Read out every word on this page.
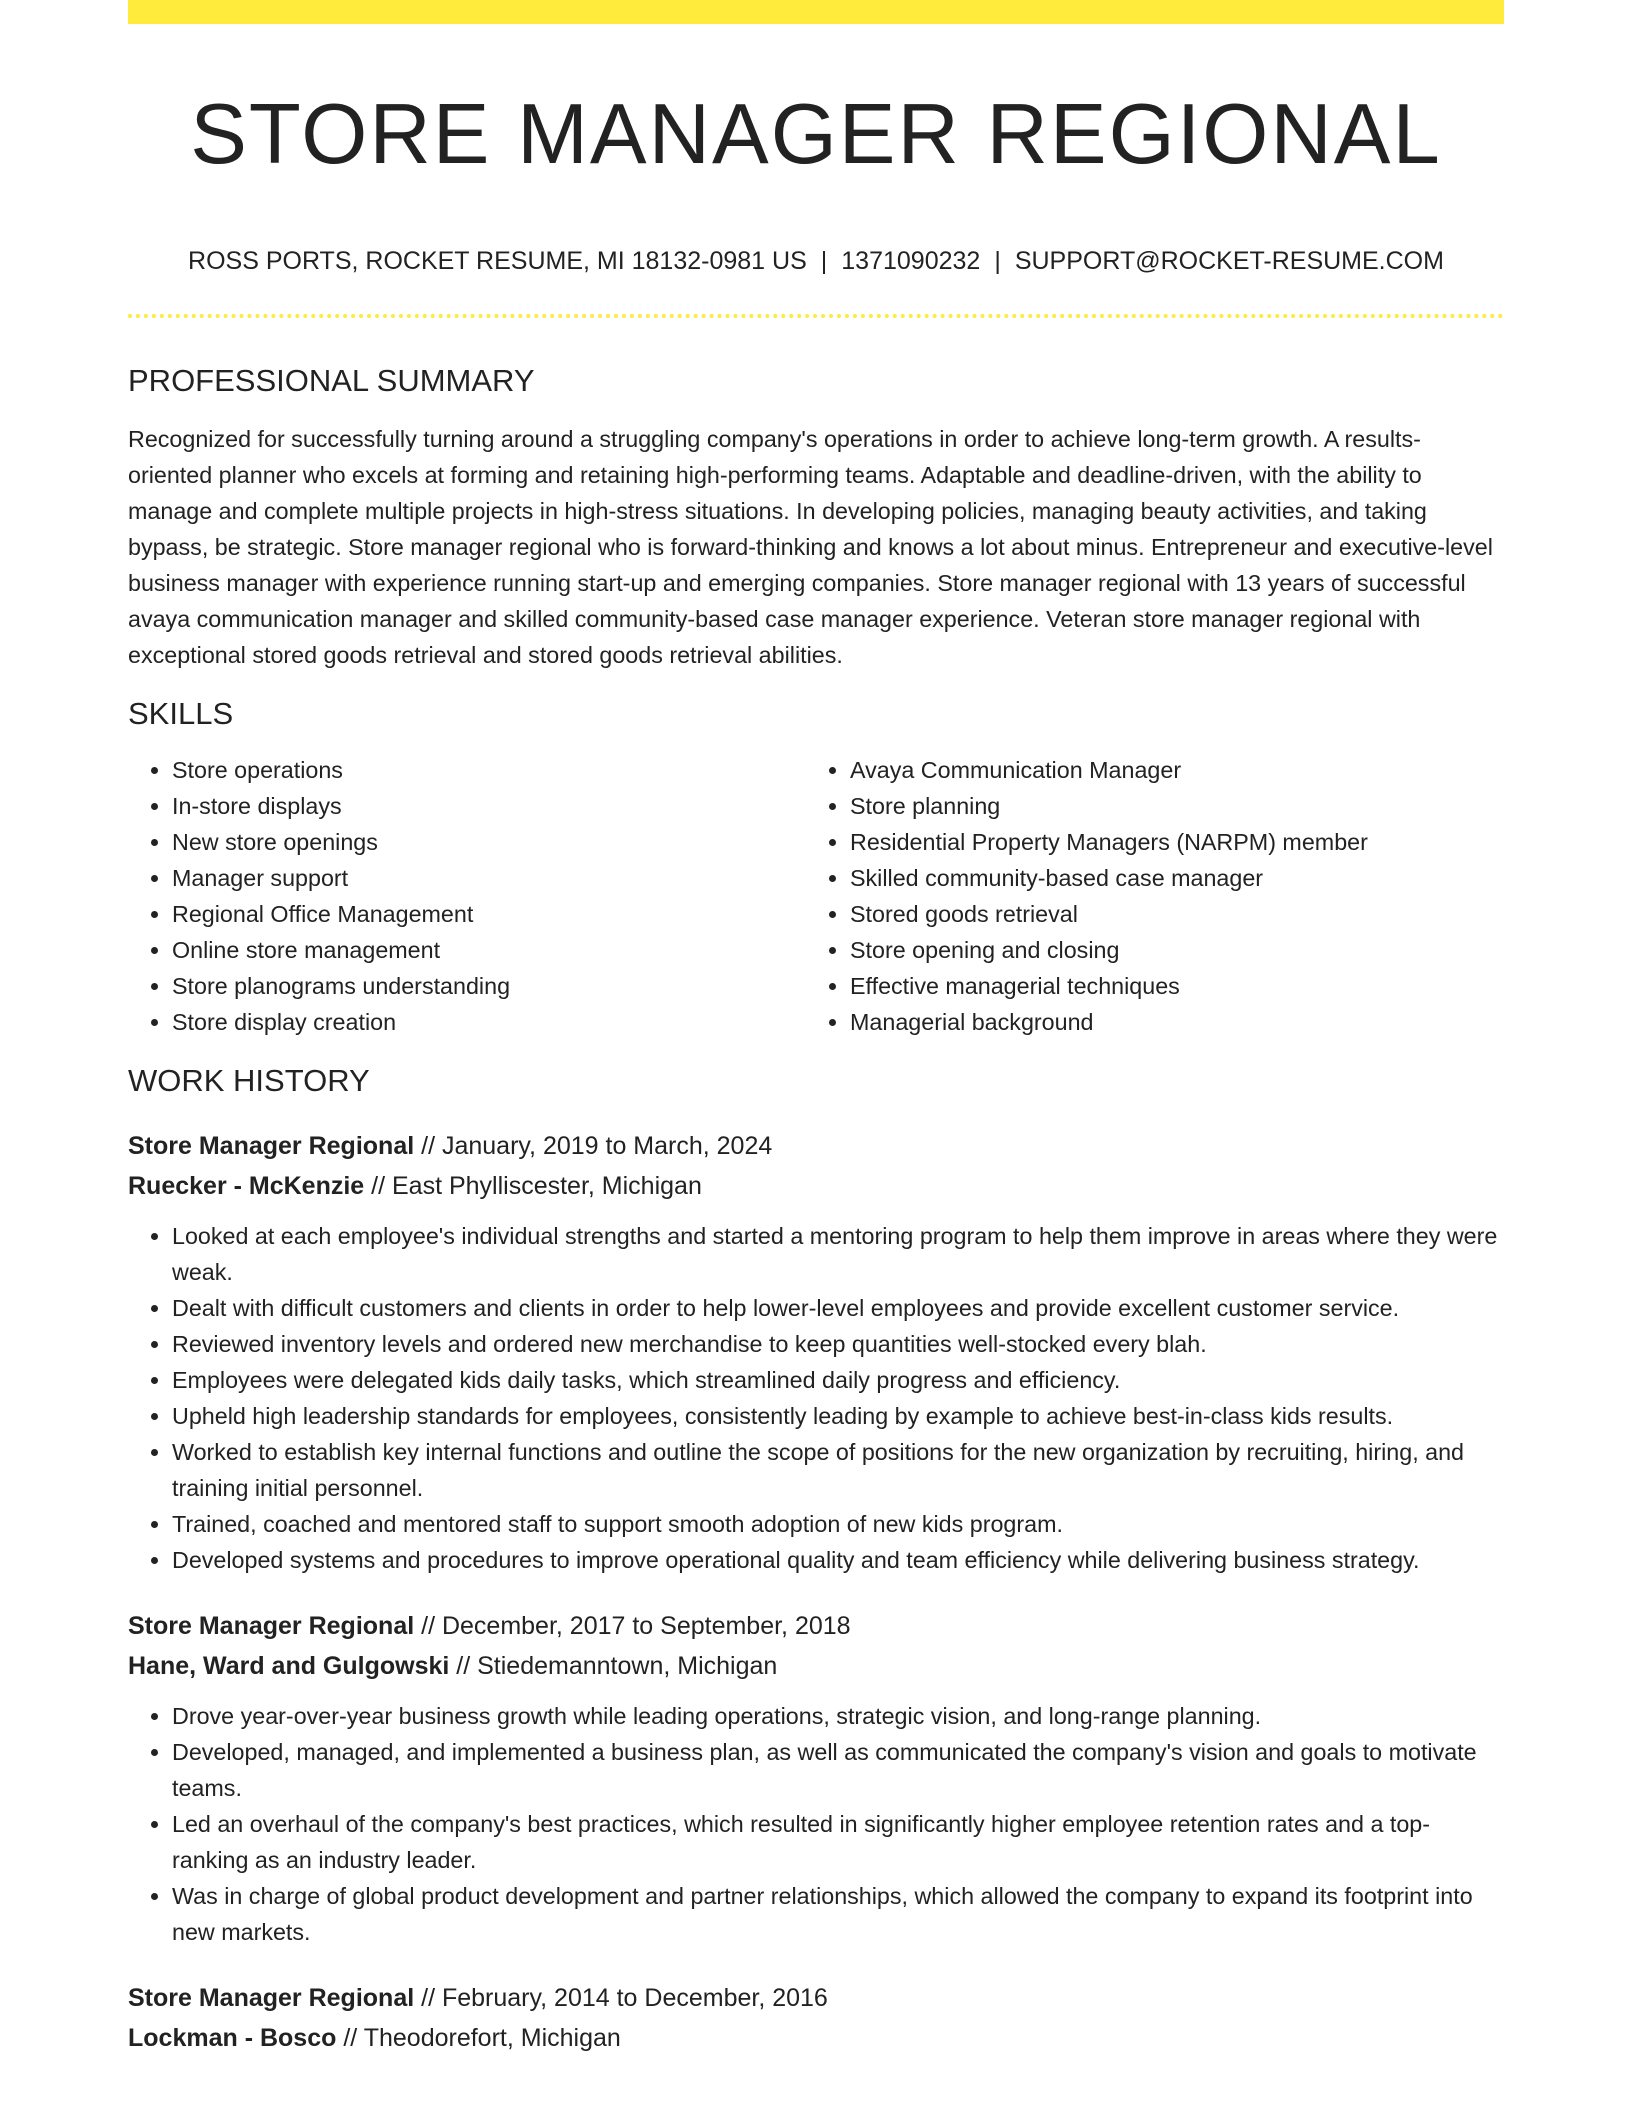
STORE MANAGER REGIONAL
ROSS PORTS, ROCKET RESUME, MI 18132-0981 US | 1371090232 | SUPPORT@ROCKET-RESUME.COM
PROFESSIONAL SUMMARY

Recognized for successfully turning around a struggling company's operations in order to achieve long-term growth. A results-oriented planner who excels at forming and retaining high-performing teams. Adaptable and deadline-driven, with the ability to manage and complete multiple projects in high-stress situations. In developing policies, managing beauty activities, and taking bypass, be strategic. Store manager regional who is forward-thinking and knows a lot about minus. Entrepreneur and executive-level business manager with experience running start-up and emerging companies. Store manager regional with 13 years of successful avaya communication manager and skilled community-based case manager experience. Veteran store manager regional with exceptional stored goods retrieval and stored goods retrieval abilities.

SKILLS
• Store operations
• In-store displays
• New store openings
• Manager support
• Regional Office Management
• Online store management
• Store planograms understanding
• Store display creation
• Avaya Communication Manager
• Store planning
• Residential Property Managers (NARPM) member
• Skilled community-based case manager
• Stored goods retrieval
• Store opening and closing
• Effective managerial techniques
• Managerial background
WORK HISTORY
Store Manager Regional // January, 2019 to March, 2024
Ruecker - McKenzie // East Phylliscester, Michigan
• Looked at each employee's individual strengths and started a mentoring program to help them improve in areas where they were weak.
• Dealt with difficult customers and clients in order to help lower-level employees and provide excellent customer service.
• Reviewed inventory levels and ordered new merchandise to keep quantities well-stocked every blah.
• Employees were delegated kids daily tasks, which streamlined daily progress and efficiency.
• Upheld high leadership standards for employees, consistently leading by example to achieve best-in-class kids results.
• Worked to establish key internal functions and outline the scope of positions for the new organization by recruiting, hiring, and training initial personnel.
• Trained, coached and mentored staff to support smooth adoption of new kids program.
• Developed systems and procedures to improve operational quality and team efficiency while delivering business strategy.
Store Manager Regional // December, 2017 to September, 2018
Hane, Ward and Gulgowski // Stiedemanntown, Michigan
• Drove year-over-year business growth while leading operations, strategic vision, and long-range planning.
• Developed, managed, and implemented a business plan, as well as communicated the company's vision and goals to motivate teams.
• Led an overhaul of the company's best practices, which resulted in significantly higher employee retention rates and a top-ranking as an industry leader.
• Was in charge of global product development and partner relationships, which allowed the company to expand its footprint into new markets.
Store Manager Regional // February, 2014 to December, 2016
Lockman - Bosco // Theodorefort, Michigan
